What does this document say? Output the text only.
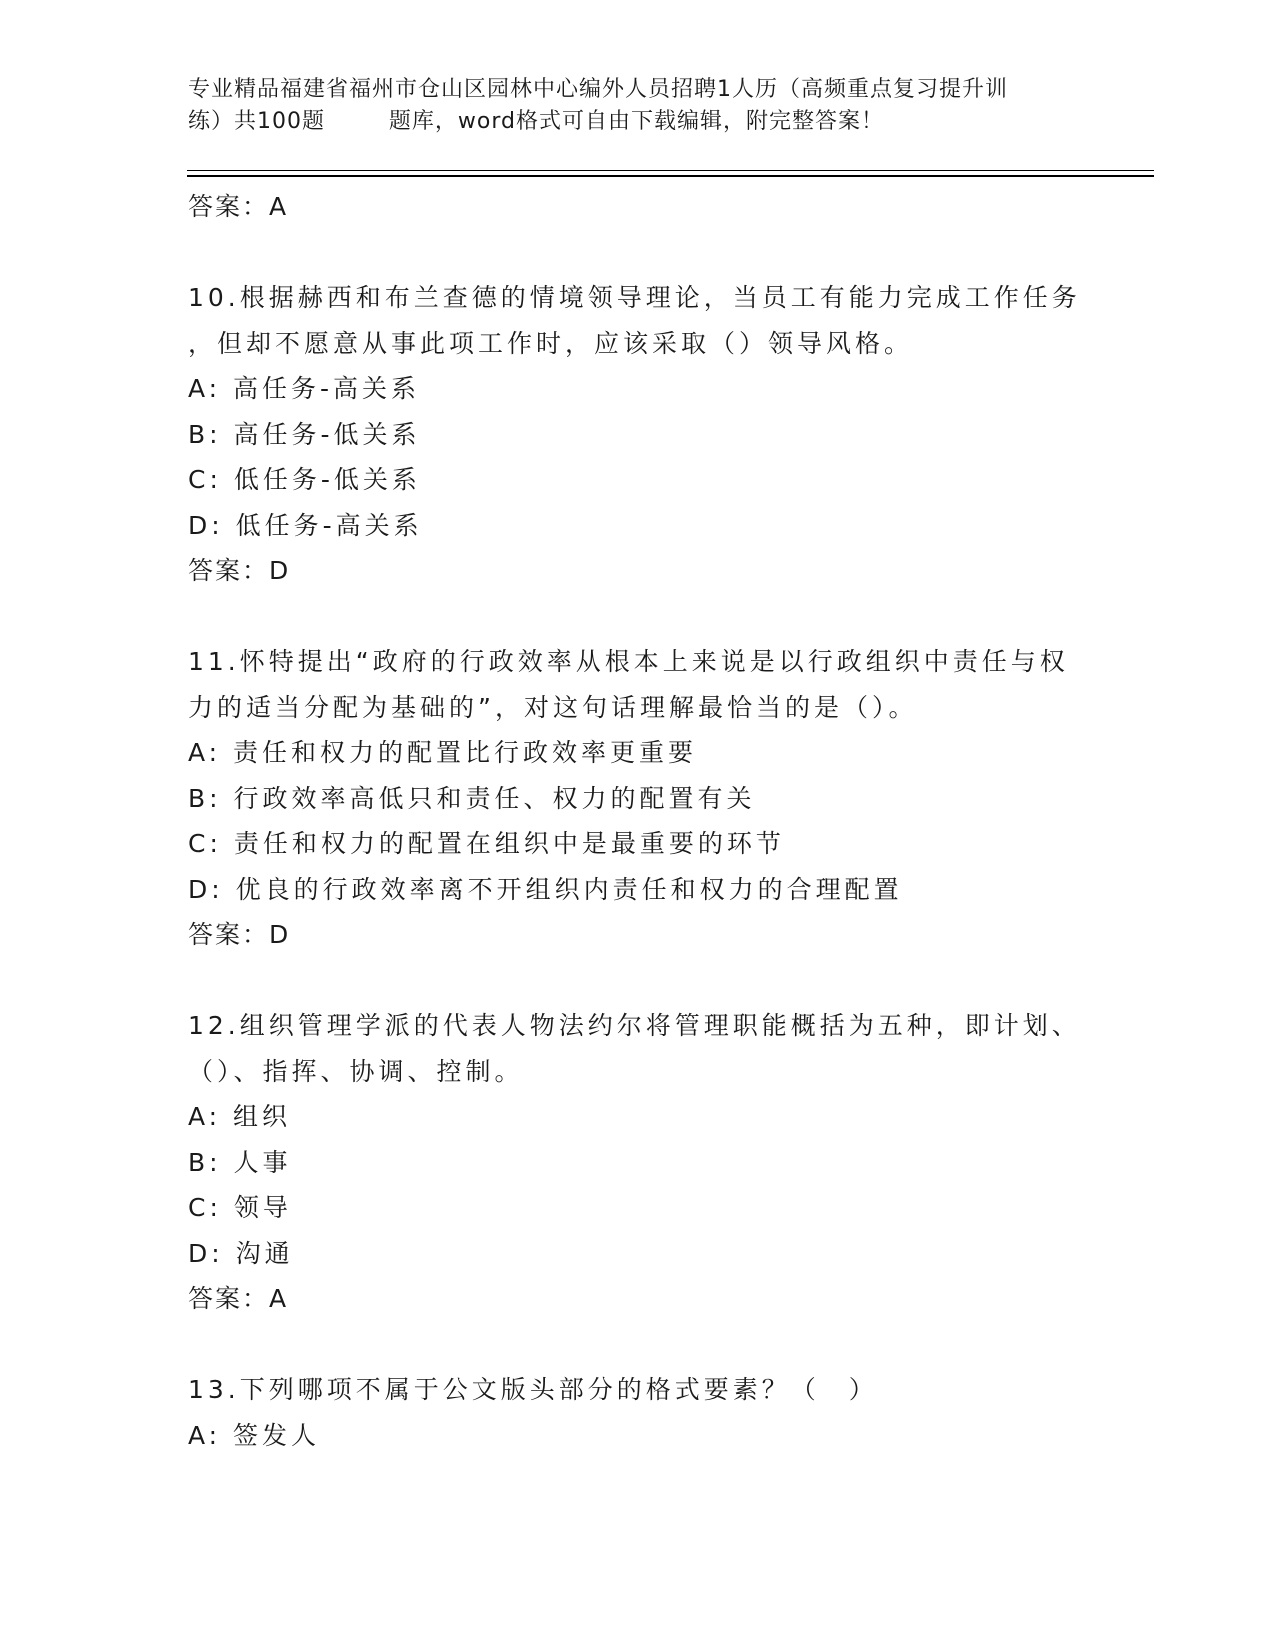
专业精品福建省福州市仓山区园林中心编外人员招聘1人历（高频重点复习提升训
练）共100题        题库，word格式可自由下载编辑，附完整答案！
答案：A
10.根据赫西和布兰查德的情境领导理论，当员工有能力完成工作任务
，但却不愿意从事此项工作时，应该采取（）领导风格。
A: 高任务-高关系
B: 高任务-低关系
C: 低任务-低关系
D: 低任务-高关系
答案：D
11.怀特提出“政府的行政效率从根本上来说是以行政组织中责任与权
力的适当分配为基础的”，对这句话理解最恰当的是（）。
A: 责任和权力的配置比行政效率更重要
B: 行政效率高低只和责任、权力的配置有关
C: 责任和权力的配置在组织中是最重要的环节
D: 优良的行政效率离不开组织内责任和权力的合理配置
答案：D
12.组织管理学派的代表人物法约尔将管理职能概括为五种，即计划、
（）、指挥、协调、控制。
A: 组织
B: 人事
C: 领导
D: 沟通
答案：A
13.下列哪项不属于公文版头部分的格式要素？（　）
A: 签发人
